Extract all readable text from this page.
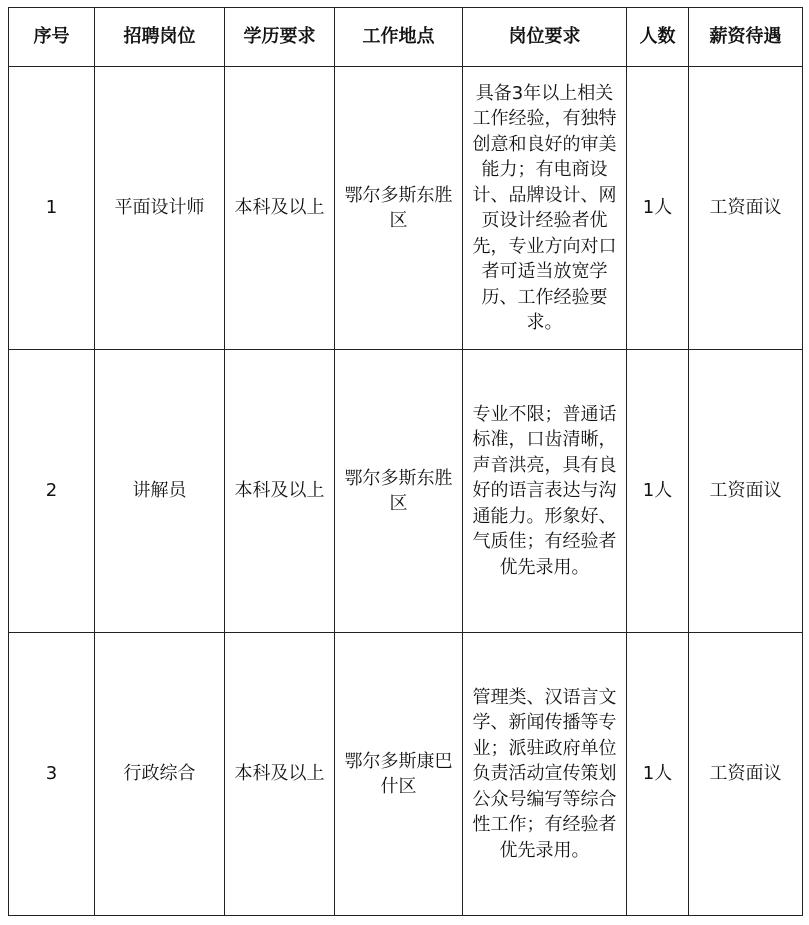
序号	招聘岗位	学历要求	工作地点	岗位要求	人数	薪资待遇
1	平面设计师	本科及以上	鄂尔多斯东胜区	具备3年以上相关工作经验，有独特创意和良好的审美能力；有电商设计、品牌设计、网页设计经验者优先，专业方向对口者可适当放宽学历、工作经验要求。	1人	工资面议
2	讲解员	本科及以上	鄂尔多斯东胜区	专业不限；普通话标准，口齿清晰，声音洪亮，具有良好的语言表达与沟通能力。形象好、气质佳；有经验者优先录用。	1人	工资面议
3	行政综合	本科及以上	鄂尔多斯康巴什区	管理类、汉语言文学、新闻传播等专业；派驻政府单位负责活动宣传策划公众号编写等综合性工作；有经验者优先录用。	1人	工资面议
